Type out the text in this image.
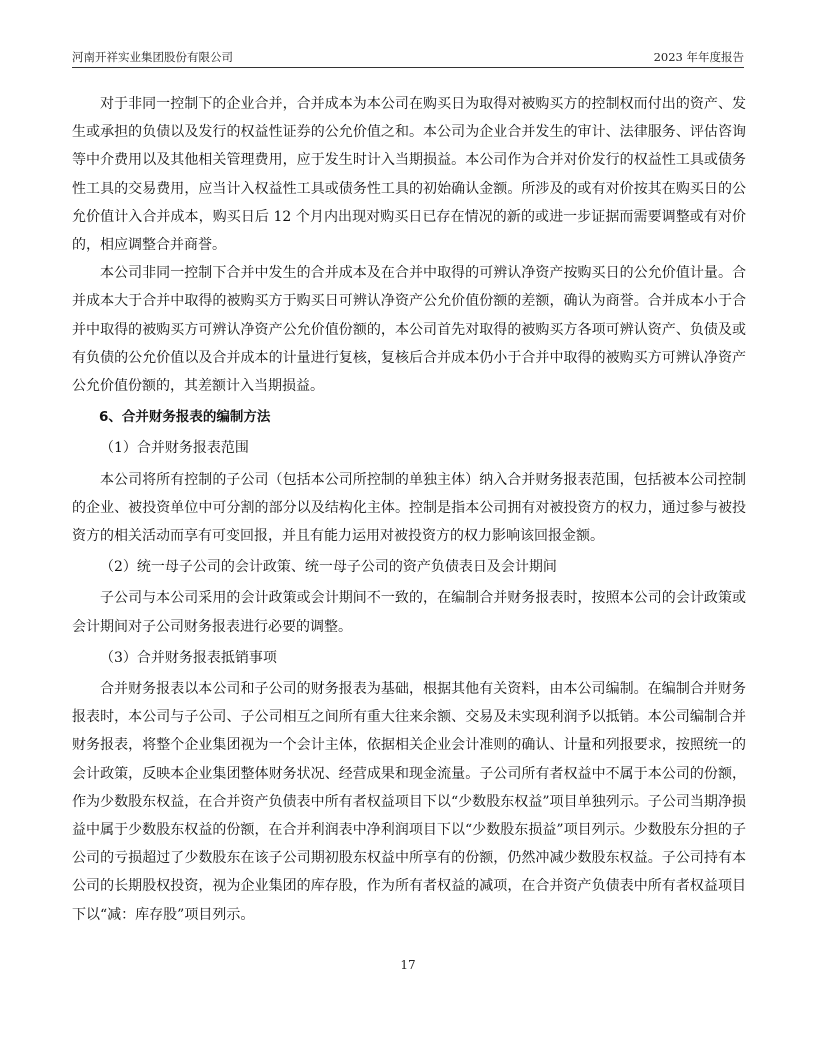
河南开祥实业集团股份有限公司	2023 年年度报告

对于非同一控制下的企业合并，合并成本为本公司在购买日为取得对被购买方的控制权而付出的资产、发生或承担的负债以及发行的权益性证券的公允价值之和。本公司为企业合并发生的审计、法律服务、评估咨询等中介费用以及其他相关管理费用，应于发生时计入当期损益。本公司作为合并对价发行的权益性工具或债务性工具的交易费用，应当计入权益性工具或债务性工具的初始确认金额。所涉及的或有对价按其在购买日的公允价值计入合并成本，购买日后 12 个月内出现对购买日已存在情况的新的或进一步证据而需要调整或有对价的，相应调整合并商誉。

本公司非同一控制下合并中发生的合并成本及在合并中取得的可辨认净资产按购买日的公允价值计量。合并成本大于合并中取得的被购买方于购买日可辨认净资产公允价值份额的差额，确认为商誉。合并成本小于合并中取得的被购买方可辨认净资产公允价值份额的，本公司首先对取得的被购买方各项可辨认资产、负债及或有负债的公允价值以及合并成本的计量进行复核，复核后合并成本仍小于合并中取得的被购买方可辨认净资产公允价值份额的，其差额计入当期损益。

6、合并财务报表的编制方法

（1）合并财务报表范围

本公司将所有控制的子公司（包括本公司所控制的单独主体）纳入合并财务报表范围，包括被本公司控制的企业、被投资单位中可分割的部分以及结构化主体。控制是指本公司拥有对被投资方的权力，通过参与被投资方的相关活动而享有可变回报，并且有能力运用对被投资方的权力影响该回报金额。

（2）统一母子公司的会计政策、统一母子公司的资产负债表日及会计期间

子公司与本公司采用的会计政策或会计期间不一致的，在编制合并财务报表时，按照本公司的会计政策或会计期间对子公司财务报表进行必要的调整。

（3）合并财务报表抵销事项

合并财务报表以本公司和子公司的财务报表为基础，根据其他有关资料，由本公司编制。在编制合并财务报表时，本公司与子公司、子公司相互之间所有重大往来余额、交易及未实现利润予以抵销。本公司编制合并财务报表，将整个企业集团视为一个会计主体，依据相关企业会计准则的确认、计量和列报要求，按照统一的会计政策，反映本企业集团整体财务状况、经营成果和现金流量。子公司所有者权益中不属于本公司的份额，作为少数股东权益，在合并资产负债表中所有者权益项目下以“少数股东权益”项目单独列示。子公司当期净损益中属于少数股东权益的份额，在合并利润表中净利润项目下以“少数股东损益”项目列示。少数股东分担的子公司的亏损超过了少数股东在该子公司期初股东权益中所享有的份额，仍然冲减少数股东权益。子公司持有本公司的长期股权投资，视为企业集团的库存股，作为所有者权益的减项，在合并资产负债表中所有者权益项目下以“减：库存股”项目列示。

17
